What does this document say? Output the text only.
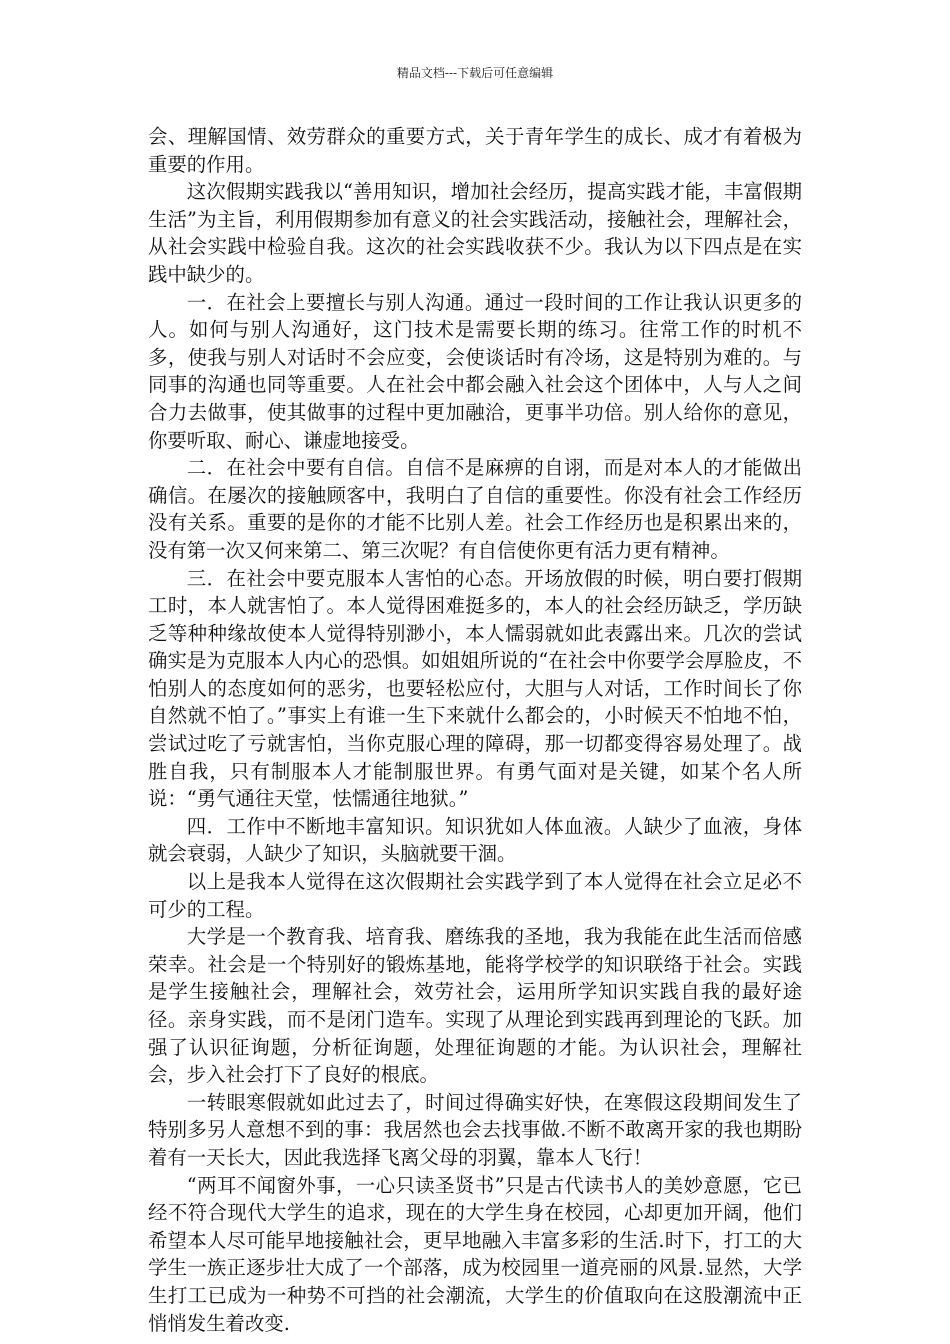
精品文档---下载后可任意编辑

会、理解国情、效劳群众的重要方式，关于青年学生的成长、成才有着极为重要的作用。

这次假期实践我以“善用知识，增加社会经历，提高实践才能，丰富假期生活”为主旨，利用假期参加有意义的社会实践活动，接触社会，理解社会，从社会实践中检验自我。这次的社会实践收获不少。我认为以下四点是在实践中缺少的。

一．在社会上要擅长与别人沟通。通过一段时间的工作让我认识更多的人。如何与别人沟通好，这门技术是需要长期的练习。往常工作的时机不多，使我与别人对话时不会应变，会使谈话时有冷场，这是特别为难的。与同事的沟通也同等重要。人在社会中都会融入社会这个团体中，人与人之间合力去做事，使其做事的过程中更加融洽，更事半功倍。别人给你的意见，你要听取、耐心、谦虚地接受。

二．在社会中要有自信。自信不是麻痹的自诩，而是对本人的才能做出确信。在屡次的接触顾客中，我明白了自信的重要性。你没有社会工作经历没有关系。重要的是你的才能不比别人差。社会工作经历也是积累出来的，没有第一次又何来第二、第三次呢？有自信使你更有活力更有精神。

三．在社会中要克服本人害怕的心态。开场放假的时候，明白要打假期工时，本人就害怕了。本人觉得困难挺多的，本人的社会经历缺乏，学历缺乏等种种缘故使本人觉得特别渺小，本人懦弱就如此表露出来。几次的尝试确实是为克服本人内心的恐惧。如姐姐所说的“在社会中你要学会厚脸皮，不怕别人的态度如何的恶劣，也要轻松应付，大胆与人对话，工作时间长了你自然就不怕了。”事实上有谁一生下来就什么都会的，小时候天不怕地不怕，尝试过吃了亏就害怕，当你克服心理的障碍，那一切都变得容易处理了。战胜自我，只有制服本人才能制服世界。有勇气面对是关键，如某个名人所说：“勇气通往天堂，怯懦通往地狱。”

四．工作中不断地丰富知识。知识犹如人体血液。人缺少了血液，身体就会衰弱，人缺少了知识，头脑就要干涸。

以上是我本人觉得在这次假期社会实践学到了本人觉得在社会立足必不可少的工程。

大学是一个教育我、培育我、磨练我的圣地，我为我能在此生活而倍感荣幸。社会是一个特别好的锻炼基地，能将学校学的知识联络于社会。实践是学生接触社会，理解社会，效劳社会，运用所学知识实践自我的最好途径。亲身实践，而不是闭门造车。实现了从理论到实践再到理论的飞跃。加强了认识征询题，分析征询题，处理征询题的才能。为认识社会，理解社会，步入社会打下了良好的根底。

一转眼寒假就如此过去了，时间过得确实好快，在寒假这段期间发生了特别多另人意想不到的事：我居然也会去找事做.不断不敢离开家的我也期盼着有一天长大，因此我选择飞离父母的羽翼，靠本人飞行！

“两耳不闻窗外事，一心只读圣贤书”只是古代读书人的美妙意愿，它已经不符合现代大学生的追求，现在的大学生身在校园，心却更加开阔，他们希望本人尽可能早地接触社会，更早地融入丰富多彩的生活.时下，打工的大学生一族正逐步壮大成了一个部落，成为校园里一道亮丽的风景.显然，大学生打工已成为一种势不可挡的社会潮流，大学生的价值取向在这股潮流中正悄悄发生着改变.
